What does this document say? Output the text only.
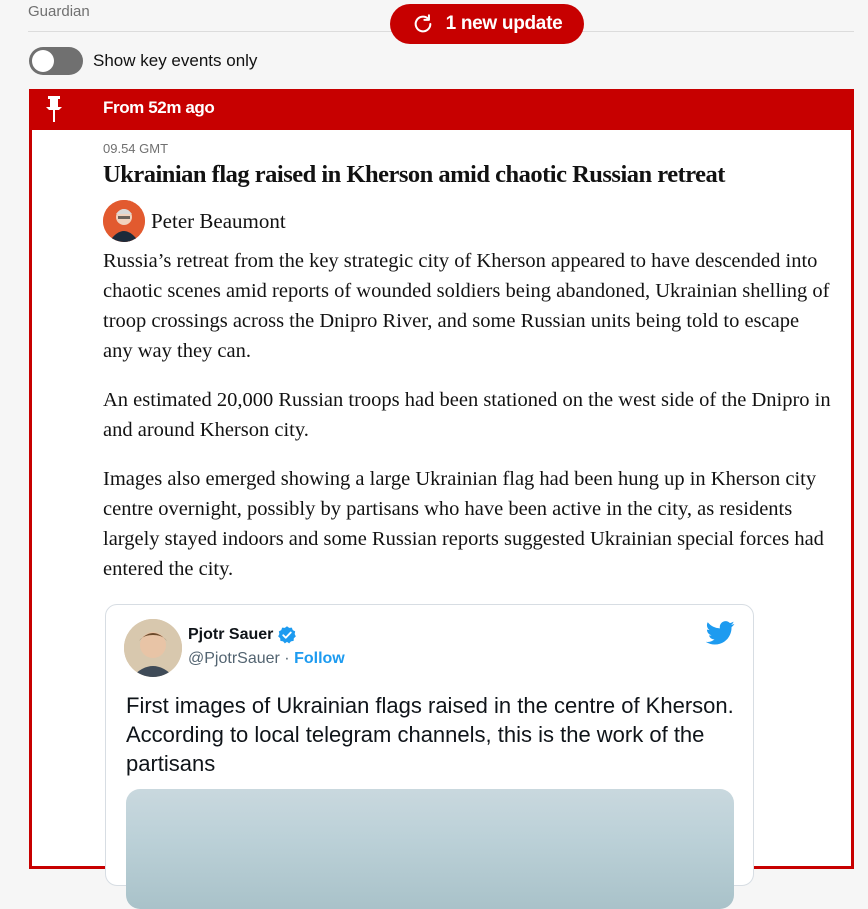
Guardian
1 new update
Show key events only
From 52m ago
09.54 GMT
Ukrainian flag raised in Kherson amid chaotic Russian retreat
Peter Beaumont

Russia’s retreat from the key strategic city of Kherson appeared to have descended into chaotic scenes amid reports of wounded soldiers being abandoned, Ukrainian shelling of troop crossings across the Dnipro River, and some Russian units being told to escape any way they can.

An estimated 20,000 Russian troops had been stationed on the west side of the Dnipro in and around Kherson city.

Images also emerged showing a large Ukrainian flag had been hung up in Kherson city centre overnight, possibly by partisans who have been active in the city, as residents largely stayed indoors and some Russian reports suggested Ukrainian special forces had entered the city.

Pjotr Sauer
@PjotrSauer · Follow
First images of Ukrainian flags raised in the centre of Kherson. According to local telegram channels, this is the work of the partisans
